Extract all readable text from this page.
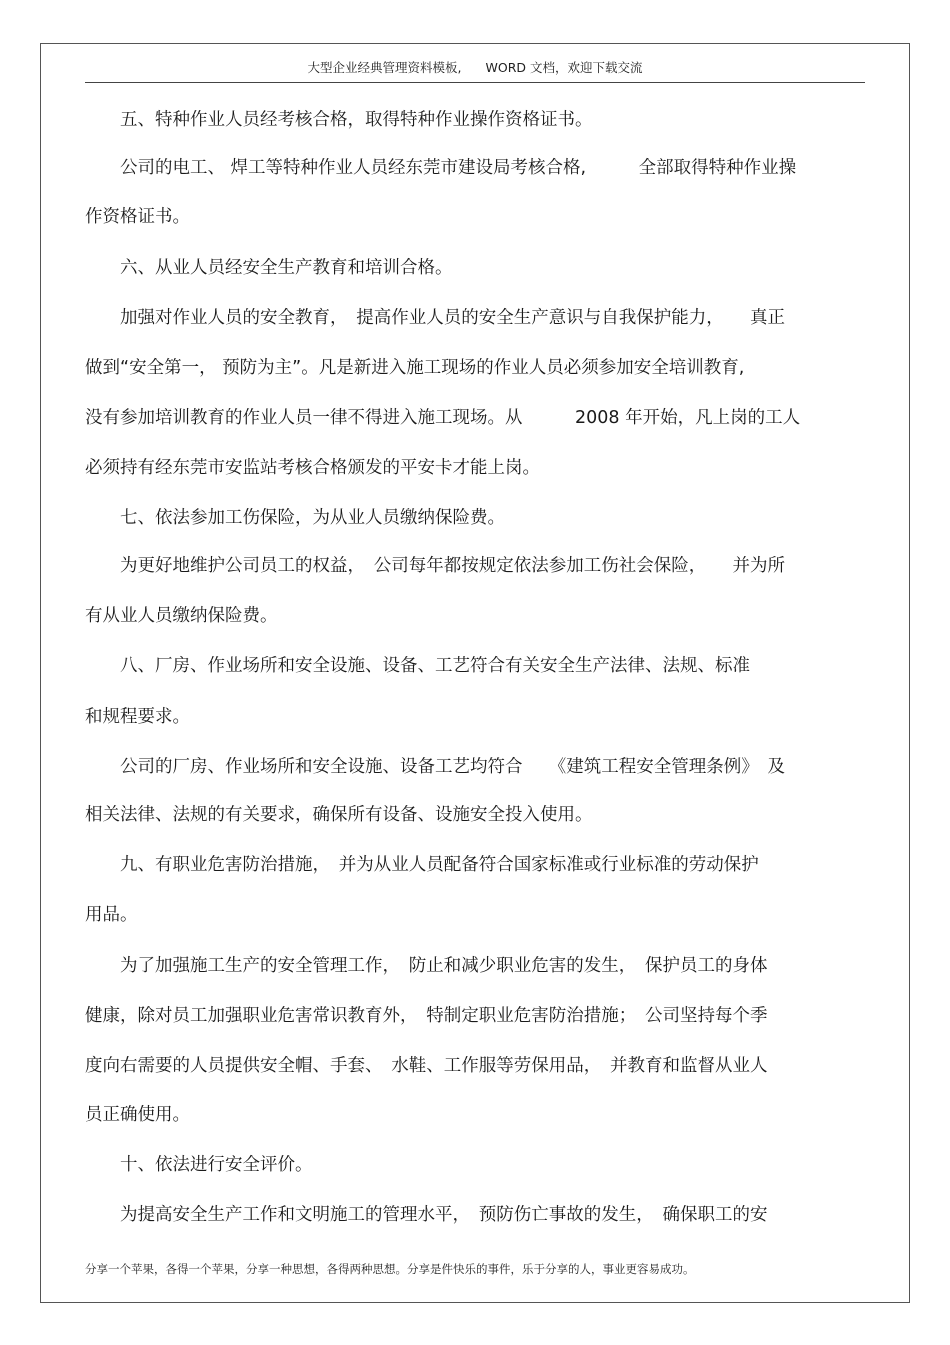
大型企业经典管理资料模板, WORD 文档，欢迎下载交流
　　五、特种作业人员经考核合格，取得特种作业操作资格证书。
　　公司的电工、 焊工等特种作业人员经东莞市建设局考核合格,　　　全部取得特种作业操
作资格证书。
　　六、从业人员经安全生产教育和培训合格。
　　加强对作业人员的安全教育，　提高作业人员的安全生产意识与自我保护能力，　　真正
做到“安全第一， 预防为主”。凡是新进入施工现场的作业人员必须参加安全培训教育,
没有参加培训教育的作业人员一律不得进入施工现场。从　　　2008 年开始，凡上岗的工人
必须持有经东莞市安监站考核合格颁发的平安卡才能上岗。
　　七、依法参加工伤保险，为从业人员缴纳保险费。
　　为更好地维护公司员工的权益，　公司每年都按规定依法参加工伤社会保险，　　并为所
有从业人员缴纳保险费。
　　八、厂房、作业场所和安全设施、设备、工艺符合有关安全生产法律、法规、标准
和规程要求。
　　公司的厂房、作业场所和安全设施、设备工艺均符合　　《建筑工程安全管理条例》　及
相关法律、法规的有关要求，确保所有设备、设施安全投入使用。
　　九、有职业危害防治措施，　并为从业人员配备符合国家标准或行业标准的劳动保护
用品。
　　为了加强施工生产的安全管理工作，　防止和减少职业危害的发生，　保护员工的身体
健康，除对员工加强职业危害常识教育外，　特制定职业危害防治措施；　公司坚持每个季
度向右需要的人员提供安全帽、手套、　水鞋、工作服等劳保用品，　并教育和监督从业人
员正确使用。
　　十、依法进行安全评价。
　　为提高安全生产工作和文明施工的管理水平，　预防伤亡事故的发生，　确保职工的安
分享一个苹果，各得一个苹果，分享一种思想，各得两种思想。分享是件快乐的事件，乐于分享的人，事业更容易成功。
